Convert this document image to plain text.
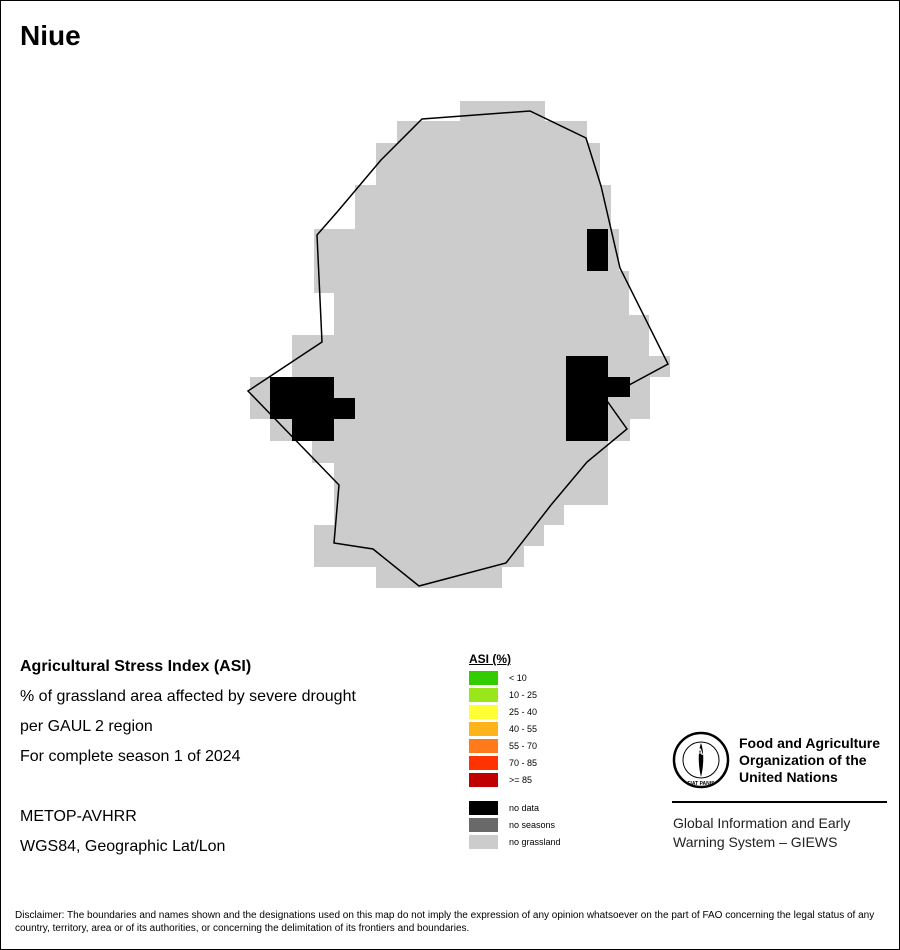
Niue
Agricultural Stress Index (ASI)
% of grassland area affected by severe drought
per GAUL 2 region
For complete season 1 of 2024
METOP-AVHRR
WGS84, Geographic Lat/Lon
ASI (%)
< 10
10 - 25
25 - 40
40 - 55
55 - 70
70 - 85
>= 85
no data
no seasons
no grassland
FAO
FIAT PANIS
Food and Agriculture
Organization of the
United Nations
Global Information and Early
Warning System – GIEWS
Disclaimer: The boundaries and names shown and the designations used on this map do not imply the expression of any opinion whatsoever on the part of FAO concerning the legal status of any country, territory, area or of its authorities, or concerning the delimitation of its frontiers and boundaries.
